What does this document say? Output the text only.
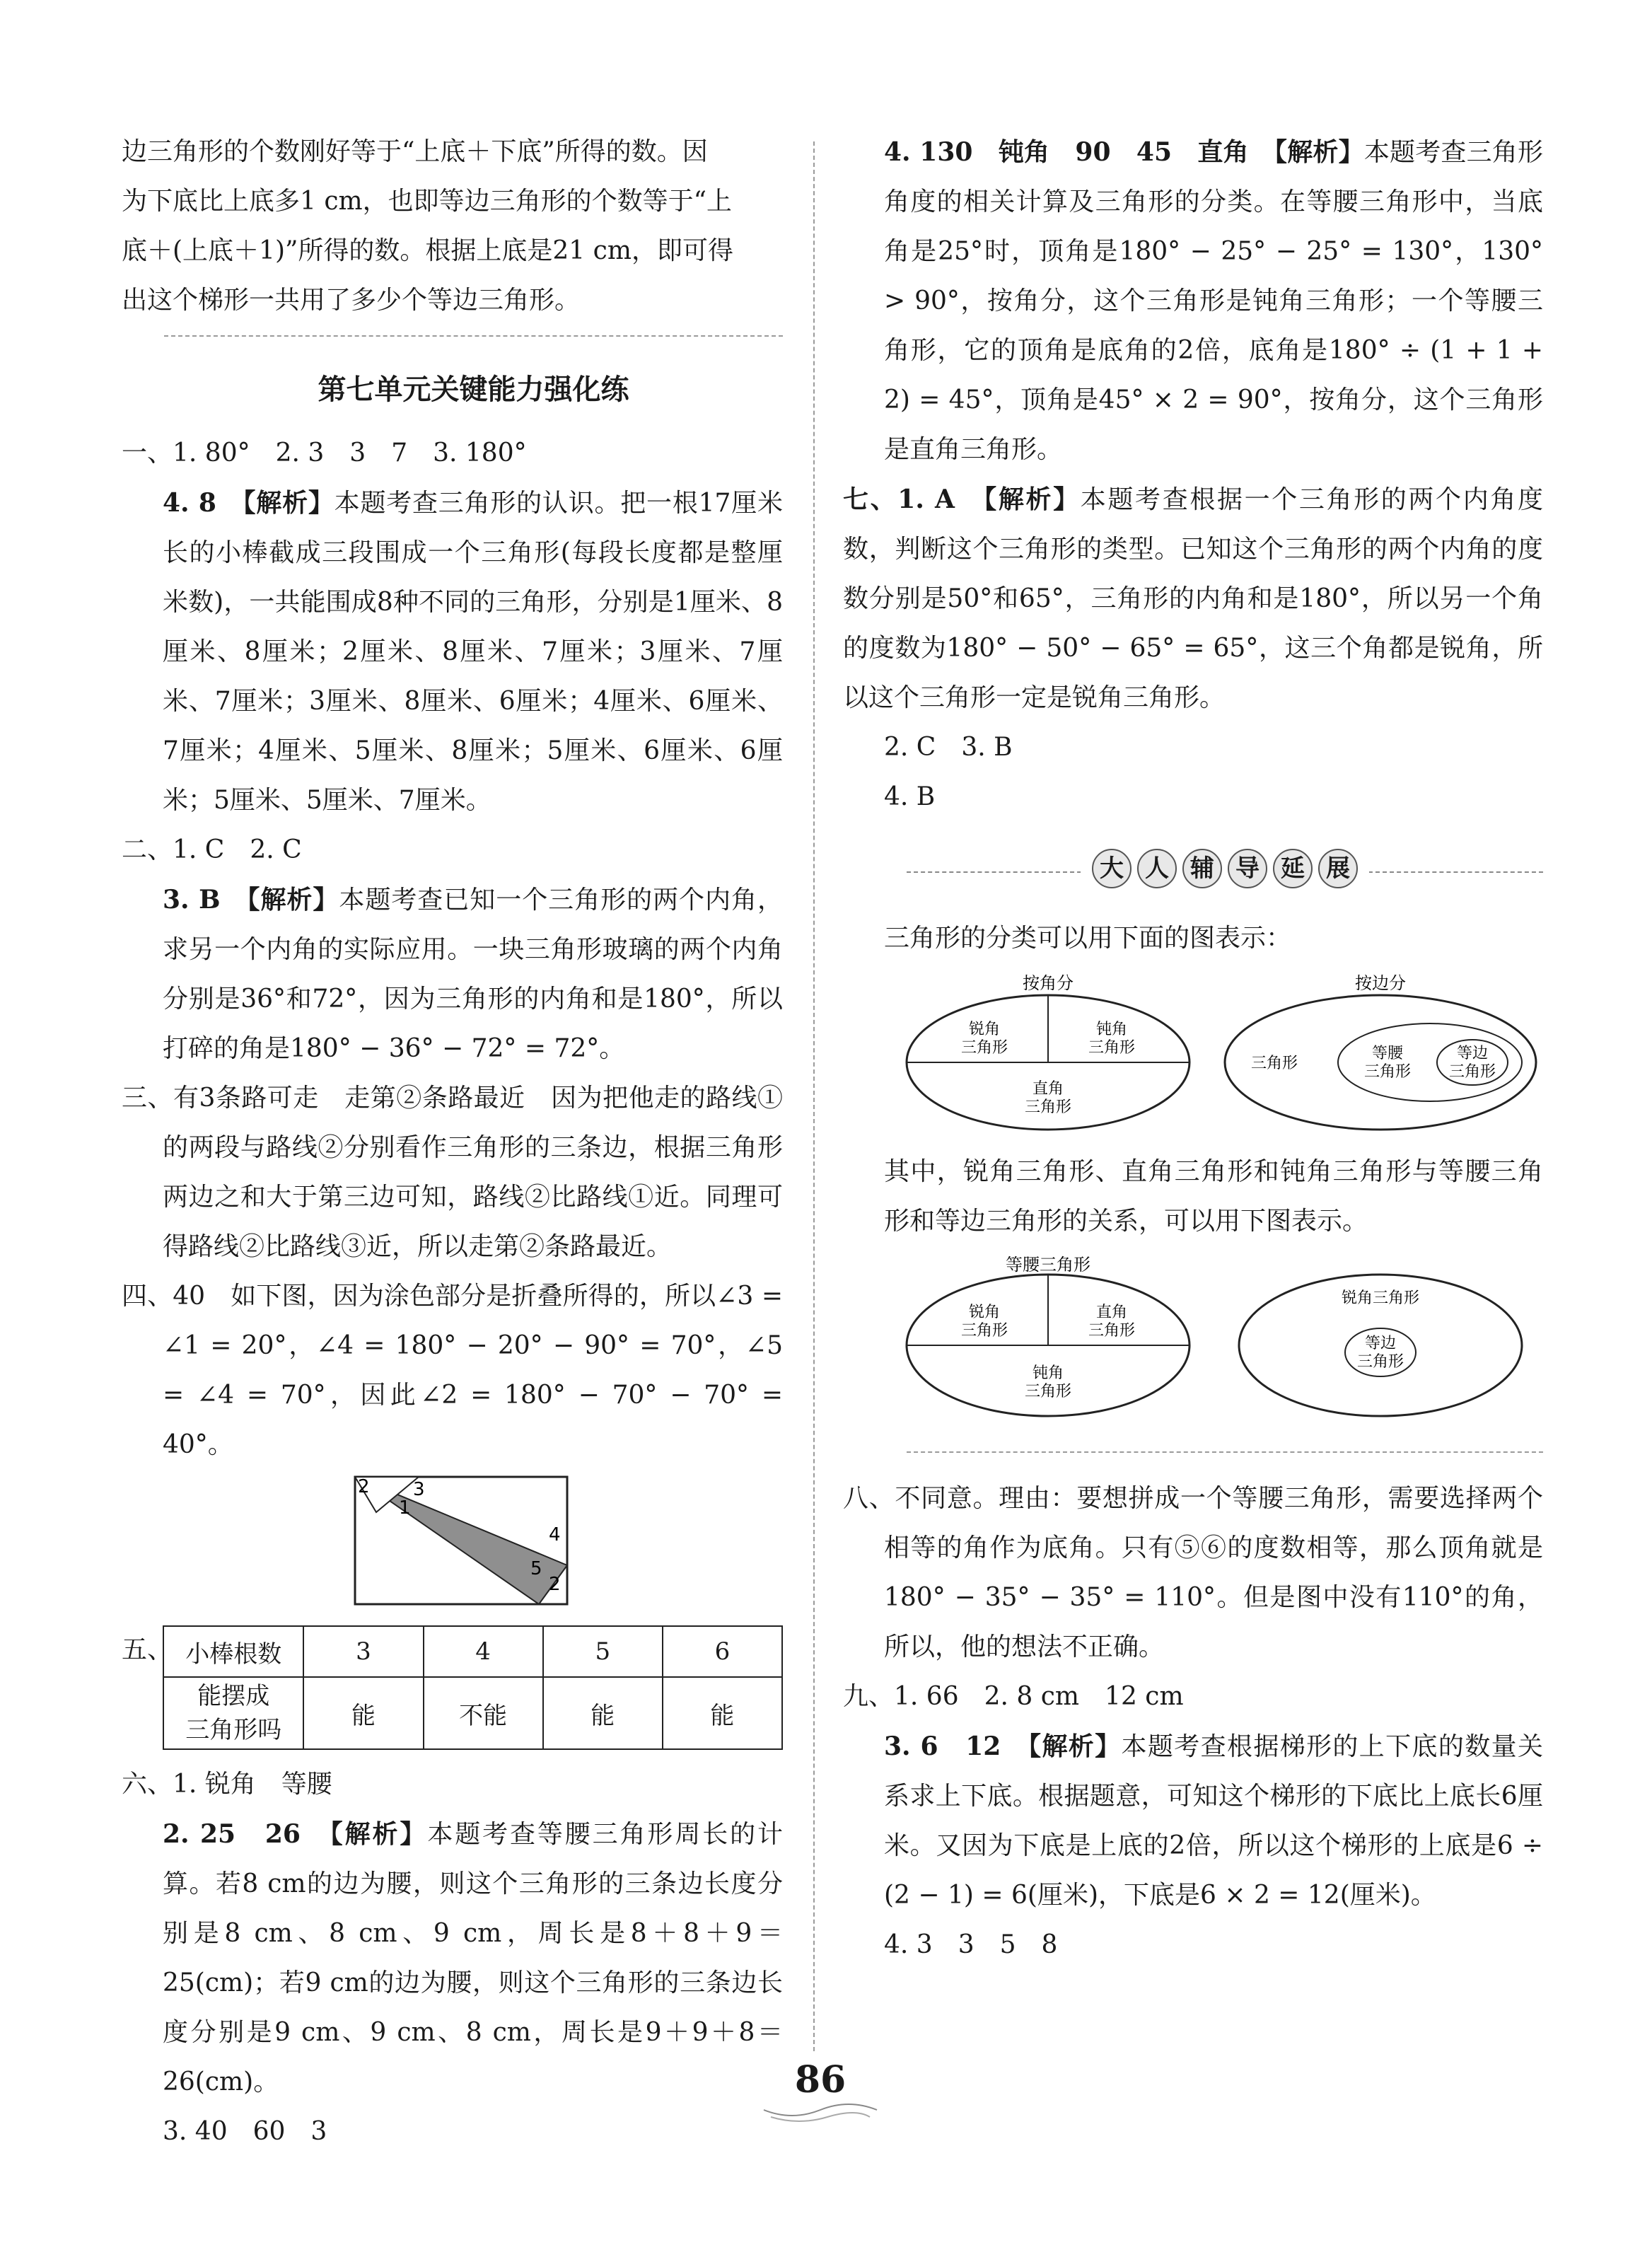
边三角形的个数刚好等于“上底＋下底”所得的数。因

为下底比上底多1 cm，也即等边三角形的个数等于“上

底＋(上底＋1)”所得的数。根据上底是21 cm，即可得

出这个梯形一共用了多少个等边三角形。

第七单元关键能力强化练

一、1. 80°　2. 3　3　7　3. 180°

4. 8　【解析】本题考查三角形的认识。把一根17厘米长的小棒截成三段围成一个三角形(每段长度都是整厘米数)，一共能围成8种不同的三角形，分别是1厘米、8厘米、8厘米；2厘米、8厘米、7厘米；3厘米、7厘米、7厘米；3厘米、8厘米、6厘米；4厘米、6厘米、7厘米；4厘米、5厘米、8厘米；5厘米、6厘米、6厘米；5厘米、5厘米、7厘米。

二、1. C　2. C

3. B　【解析】本题考查已知一个三角形的两个内角，求另一个内角的实际应用。一块三角形玻璃的两个内角分别是36°和72°，因为三角形的内角和是180°，所以打碎的角是180° − 36° − 72° = 72°。

三、有3条路可走　走第②条路最近　因为把他走的路线①的两段与路线②分别看作三角形的三条边，根据三角形两边之和大于第三边可知，路线②比路线①近。同理可得路线②比路线③近，所以走第②条路最近。

四、40　如下图，因为涂色部分是折叠所得的，所以∠3 = ∠1 = 20°，∠4 = 180° − 20° − 90° = 70°，∠5 = ∠4 = 70°，因此∠2 = 180° − 70° − 70° = 40°。

2 3
1
4
5
2
五、 小棒根数	3	4	5	6

能摆成
三角形吗	能	不能	能	能

六、1. 锐角　等腰

2. 25　26　【解析】本题考查等腰三角形周长的计算。若8 cm的边为腰，则这个三角形的三条边长度分别是8 cm、8 cm、9 cm，周长是8＋8＋9＝25(cm)；若9 cm的边为腰，则这个三角形的三条边长度分别是9 cm、9 cm、8 cm，周长是9＋9＋8＝26(cm)。

3. 40　60　3

4. 130　钝角　90　45　直角　【解析】本题考查三角形角度的相关计算及三角形的分类。在等腰三角形中，当底角是25°时，顶角是180° − 25° − 25° = 130°，130° > 90°，按角分，这个三角形是钝角三角形；一个等腰三角形，它的顶角是底角的2倍，底角是180° ÷ (1 + 1 + 2) = 45°，顶角是45° × 2 = 90°，按角分，这个三角形是直角三角形。

七、1. A　【解析】本题考查根据一个三角形的两个内角度数，判断这个三角形的类型。已知这个三角形的两个内角的度数分别是50°和65°，三角形的内角和是180°，所以另一个角的度数为180° − 50° − 65° = 65°，这三个角都是锐角，所以这个三角形一定是锐角三角形。

2. C　3. B

4. B

大 人 辅 导 延 展

三角形的分类可以用下面的图表示：

按角分
锐角
三角形
钝角
三角形
直角
三角形
按边分
三角形
等腰
三角形
等边
三角形

其中，锐角三角形、直角三角形和钝角三角形与等腰三角形和等边三角形的关系，可以用下图表示。

等腰三角形
锐角
三角形
直角
三角形
钝角
三角形
锐角三角形
等边
三角形

八、不同意。理由：要想拼成一个等腰三角形，需要选择两个相等的角作为底角。只有⑤⑥的度数相等，那么顶角就是180° − 35° − 35° = 110°。但是图中没有110°的角，所以，他的想法不正确。

九、1. 66　2. 8 cm　12 cm

3. 6　12　【解析】本题考查根据梯形的上下底的数量关系求上下底。根据题意，可知这个梯形的下底比上底长6厘米。又因为下底是上底的2倍，所以这个梯形的上底是6 ÷ (2 − 1) = 6(厘米)，下底是6 × 2 = 12(厘米)。

4. 3　3　5　8

86
